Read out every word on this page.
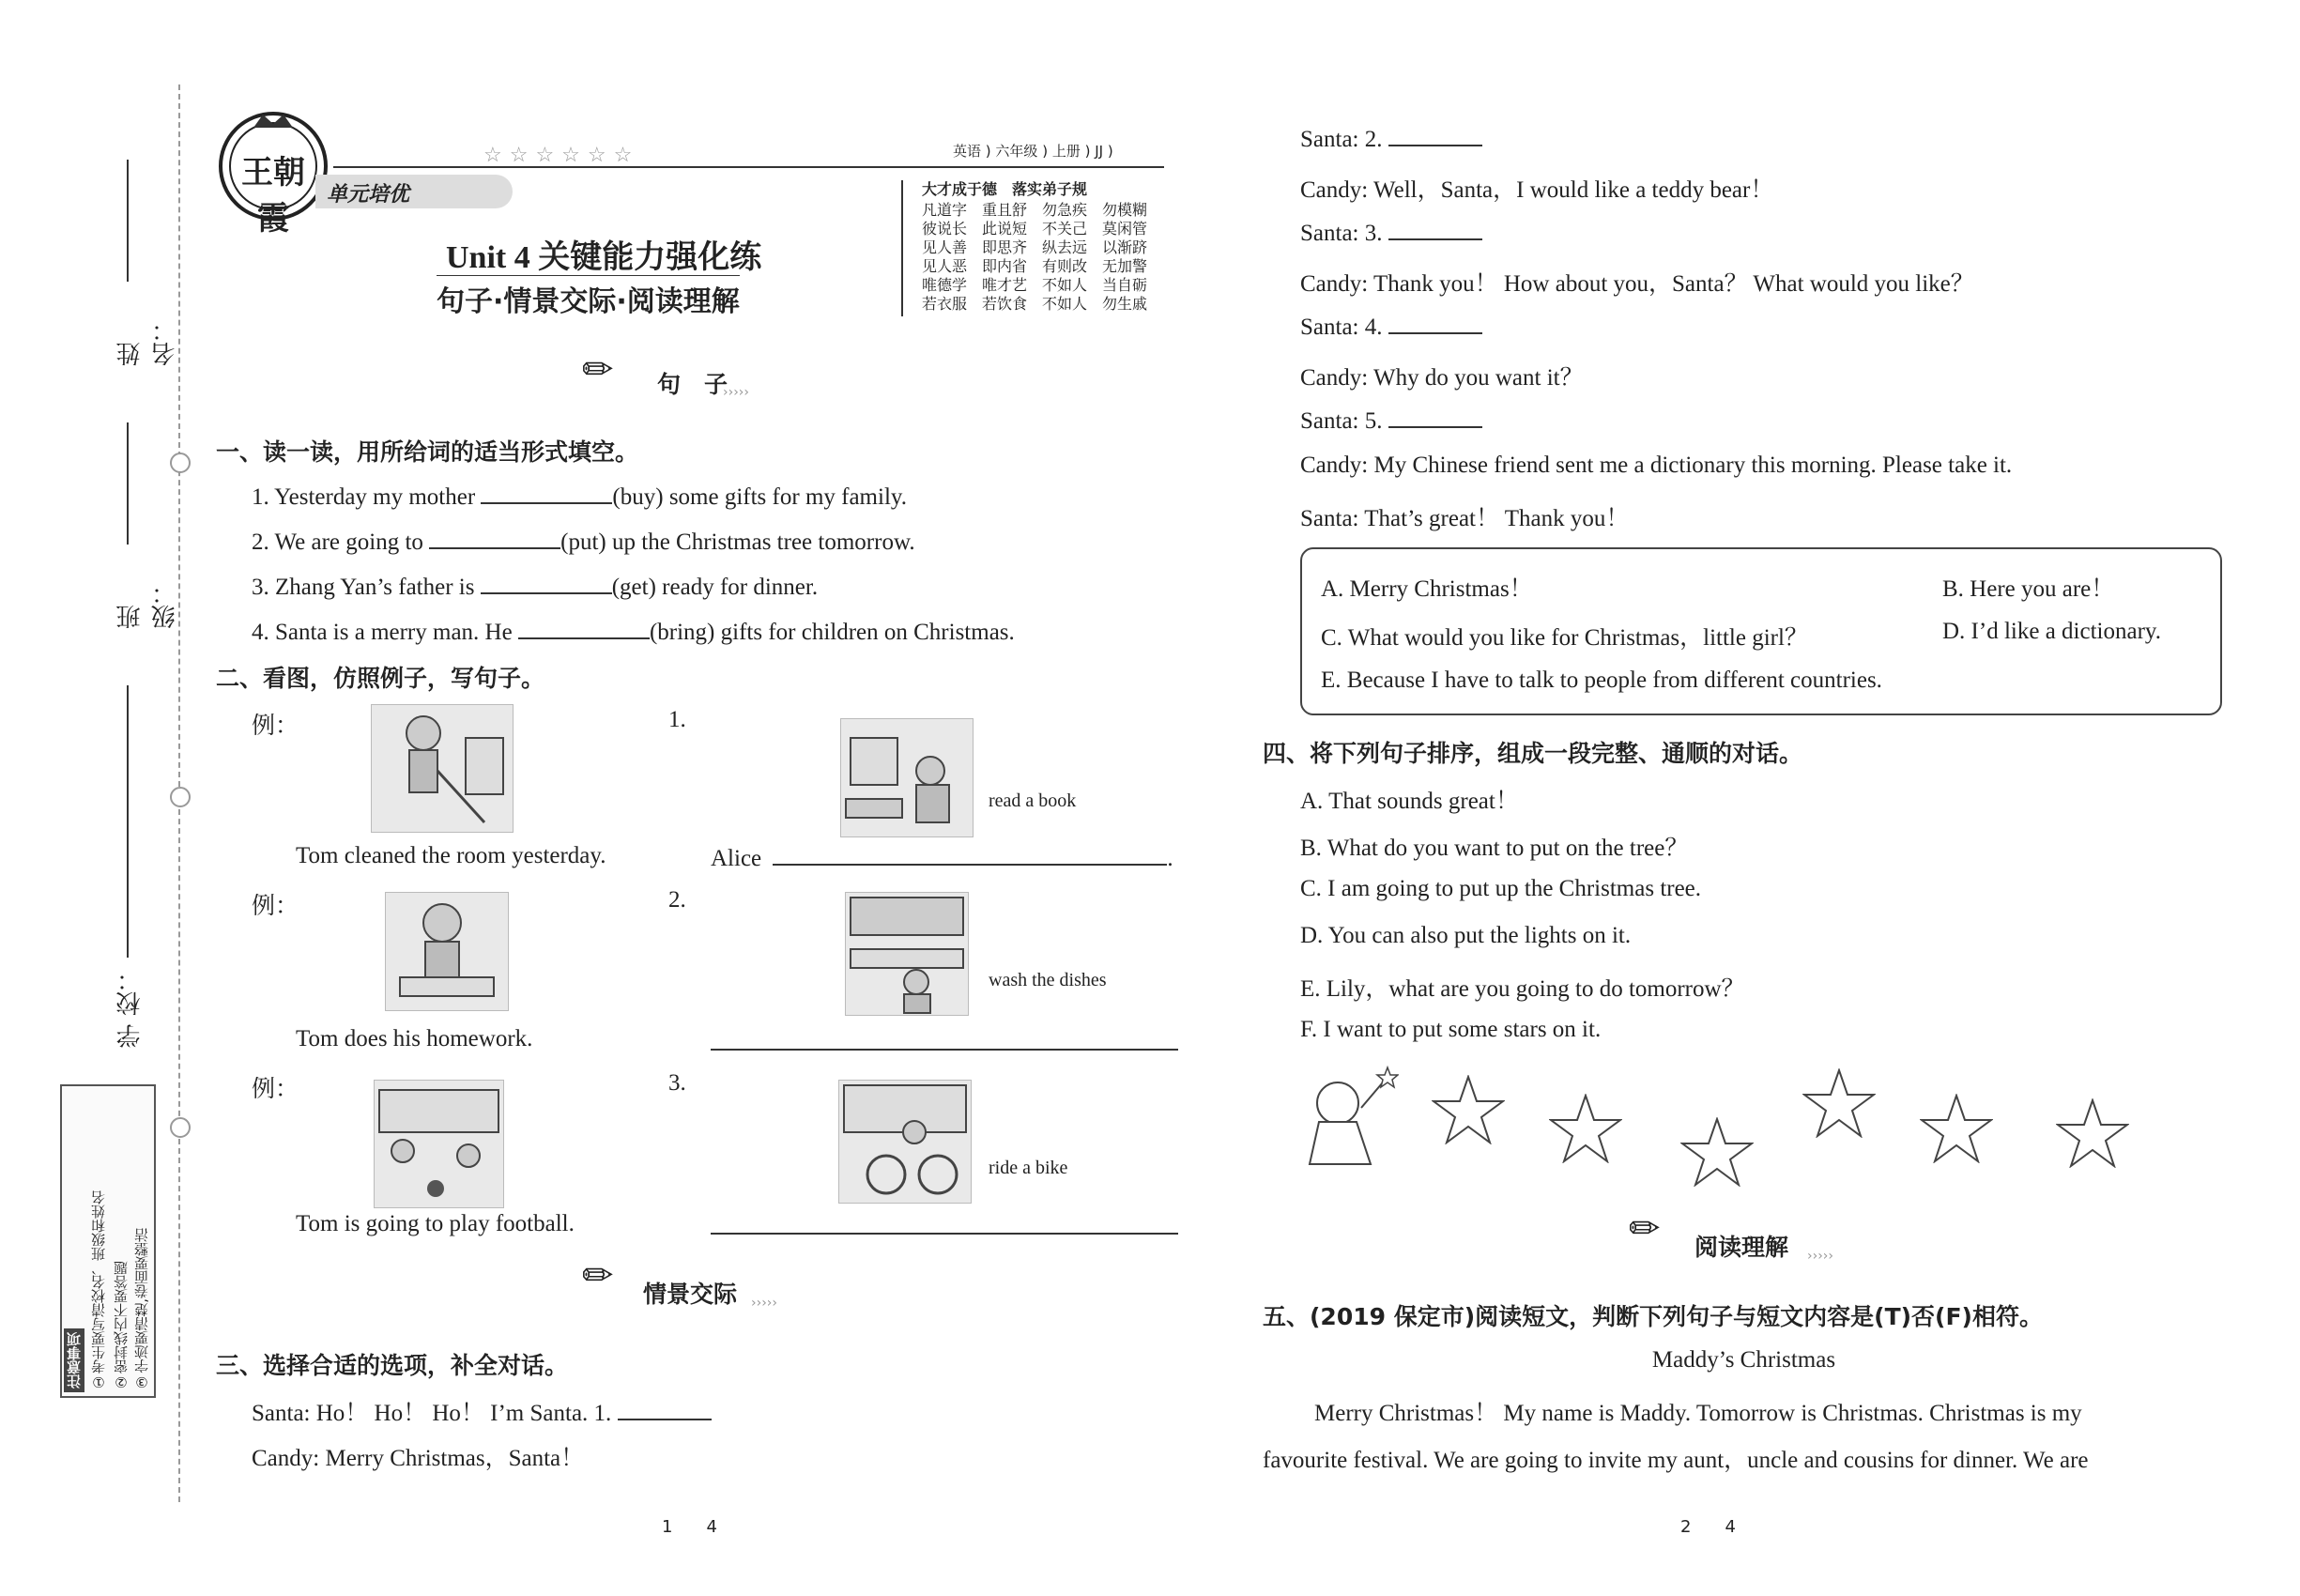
姓 名：
班 级：
学 校：
注意事项 ①考生要写清校名、班级和姓名 ②密封线内不要答题 ③字迹要清楚,卷面要整洁
王朝霞
☆☆☆☆☆☆	英语 ) 六年级 ) 上册 ) JJ )
单元培优
Unit 4 关键能力强化练
句子·情景交际·阅读理解
大才成于德　落实弟子规
凡道字　重且舒　勿急疾　勿模糊
彼说长　此说短　不关己　莫闲管
见人善　即思齐　纵去远　以渐跻
见人恶　即内省　有则改　无加警
唯德学　唯才艺　不如人　当自砺
若衣服　若饮食　不如人　勿生戚
✏ 句　子
›››››
一、读一读，用所给词的适当形式填空。
1. Yesterday my mother	(buy) some gifts for my family.
2. We are going to	(put) up the Christmas tree tomorrow.
3. Zhang Yan’s father is	(get) ready for dinner.
4. Santa is a merry man. He	(bring) gifts for children on Christmas.
二、看图，仿照例子，写句子。
例：	1.
read a book
Tom cleaned the room yesterday.	Alice	.
例：	2.
wash the dishes
Tom does his homework.
例：	3.
ride a bike
Tom is going to play football.
✏ 情景交际 ›››››
三、选择合适的选项，补全对话。
Santa: Ho！ Ho！ Ho！ I’m Santa. 1.
Candy: Merry Christmas，Santa！
1　　4
Santa: 2.
Candy: Well，Santa，I would like a teddy bear！
Santa: 3.
Candy: Thank you！ How about you，Santa？ What would you like？
Santa: 4.
Candy: Why do you want it？
Santa: 5.
Candy: My Chinese friend sent me a dictionary this morning. Please take it.
Santa: That’s great！ Thank you！
A. Merry Christmas！	B. Here you are！
C. What would you like for Christmas，little girl？	D. I’d like a dictionary.
E. Because I have to talk to people from different countries.
四、将下列句子排序，组成一段完整、通顺的对话。
A. That sounds great！
B. What do you want to put on the tree？
C. I am going to put up the Christmas tree.
D. You can also put the lights on it.
E. Lily，what are you going to do tomorrow？
F. I want to put some stars on it.
✏ 阅读理解 ›››››
五、(2019 保定市)阅读短文，判断下列句子与短文内容是(T)否(F)相符。
Maddy’s Christmas
Merry Christmas！ My name is Maddy. Tomorrow is Christmas. Christmas is my
favourite festival. We are going to invite my aunt，uncle and cousins for dinner. We are
2　　4
